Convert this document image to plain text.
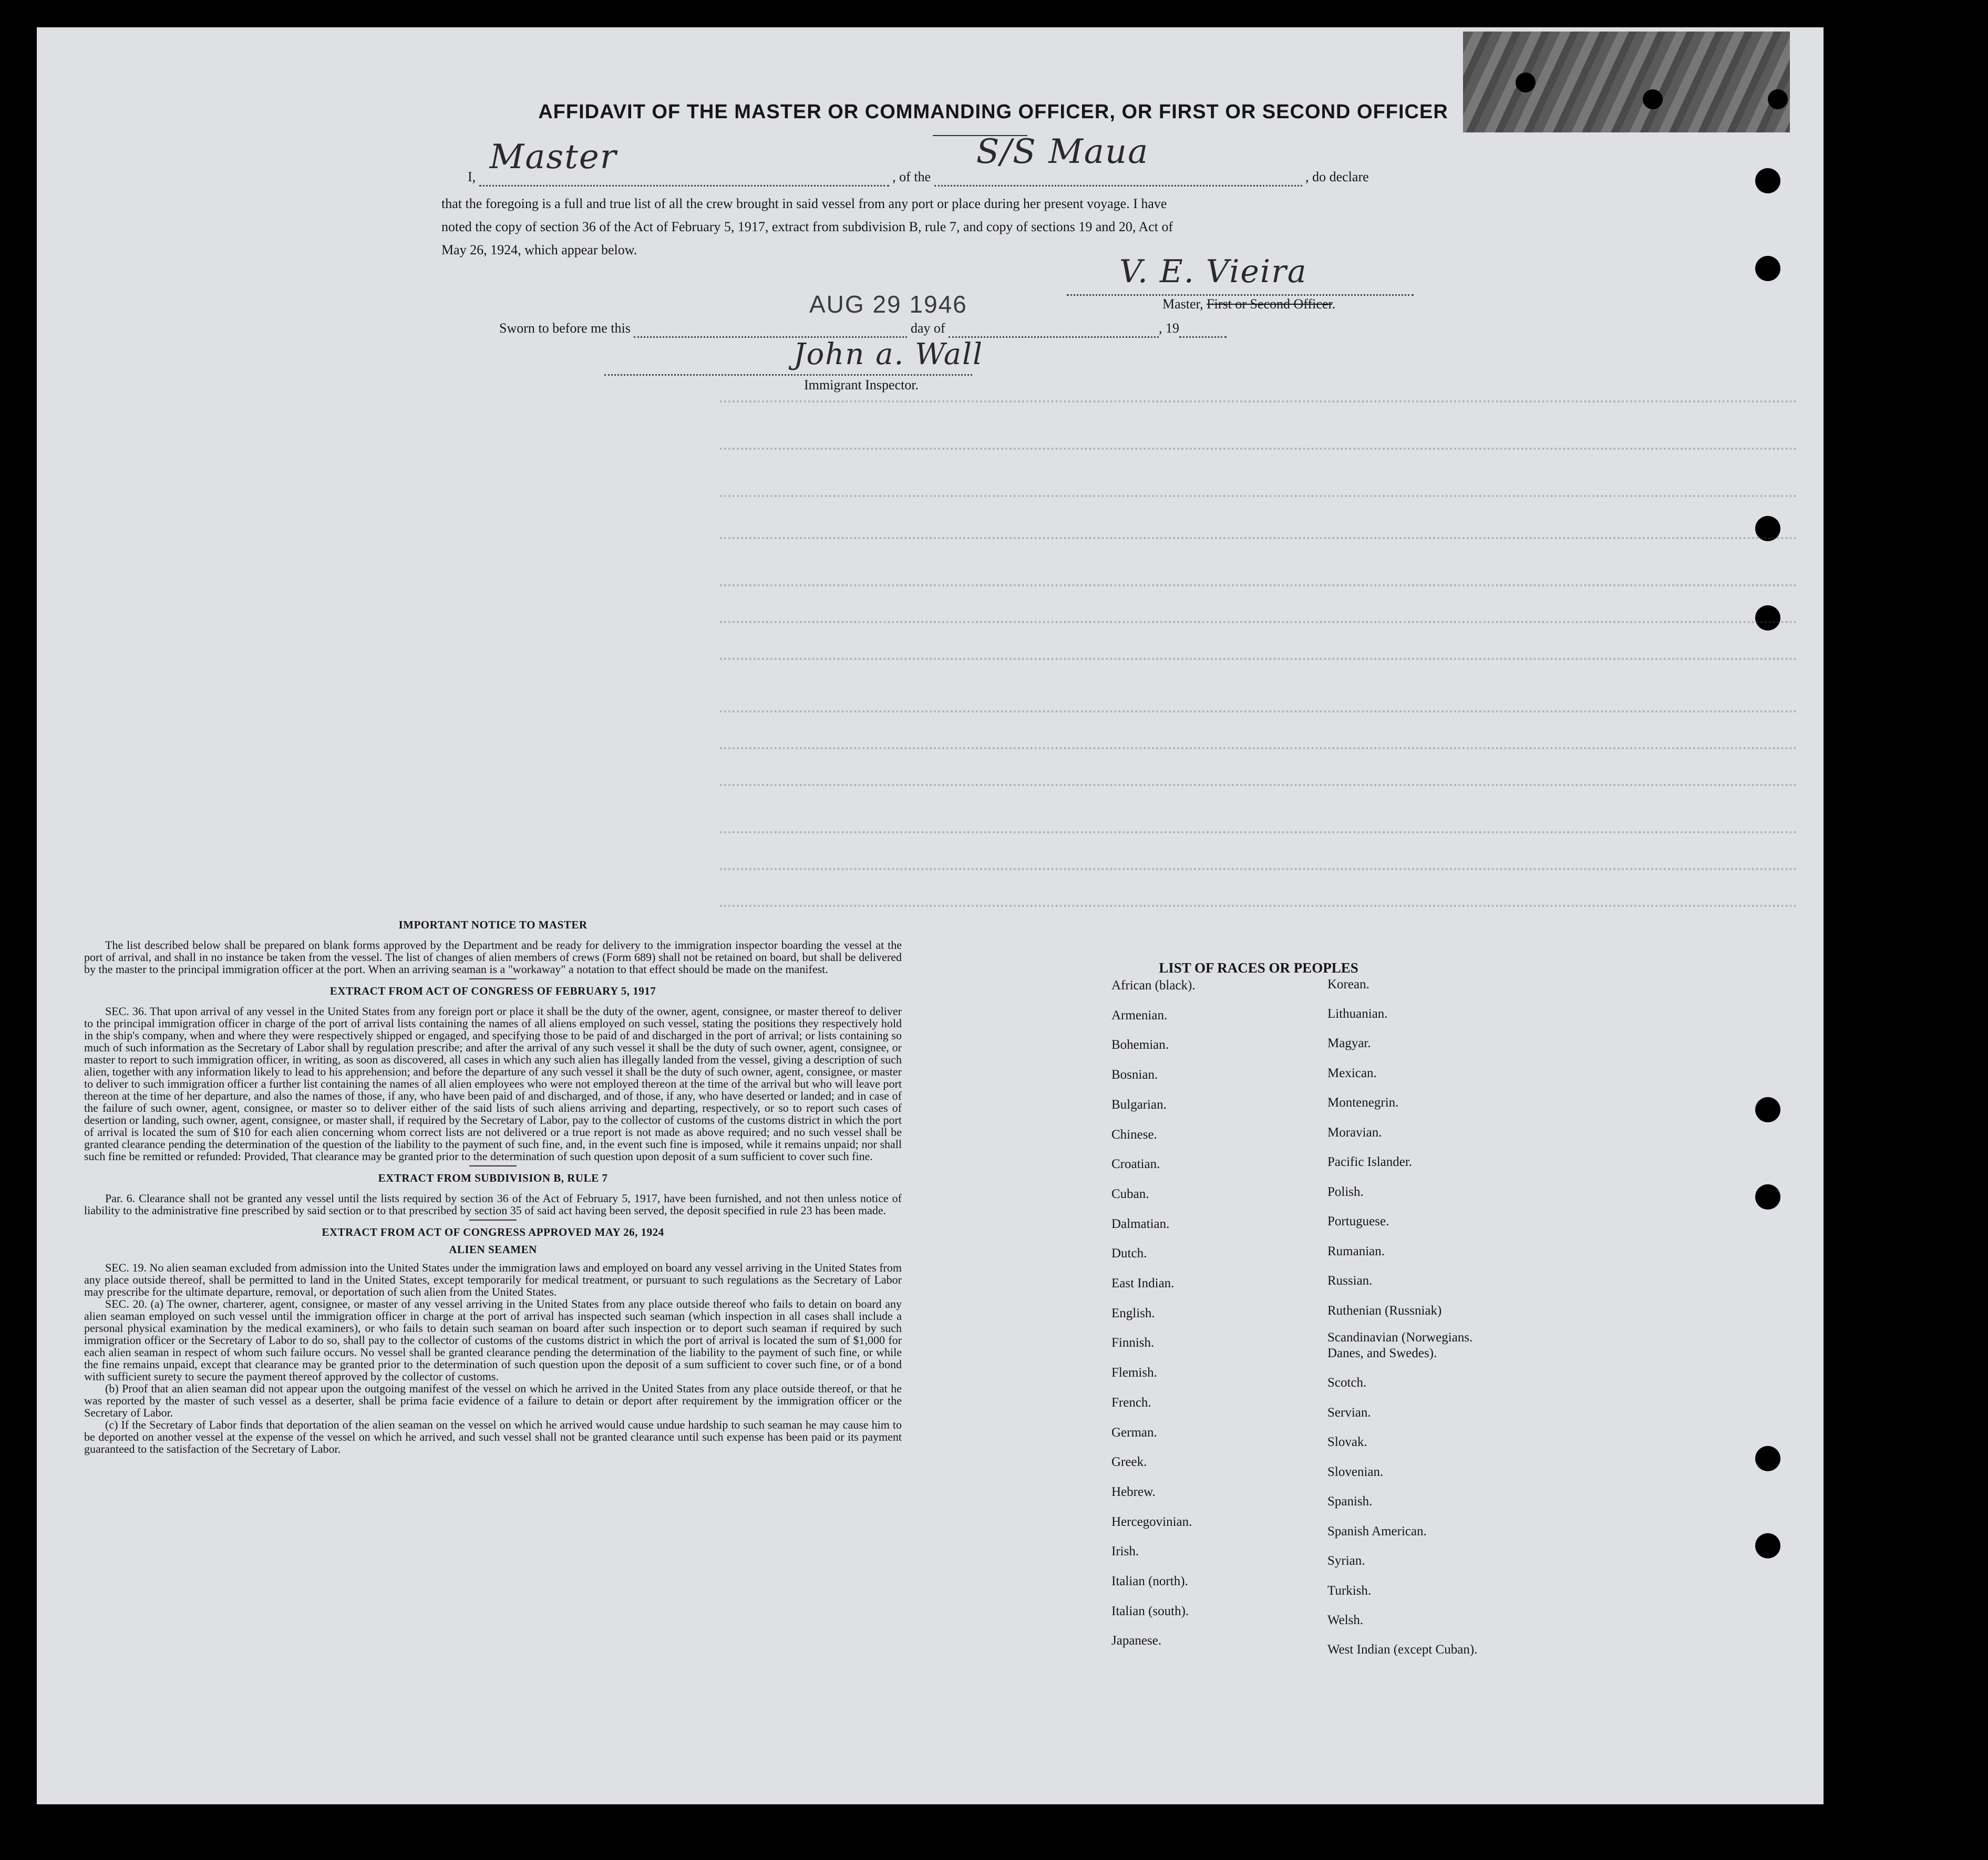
AFFIDAVIT OF THE MASTER OR COMMANDING OFFICER, OR FIRST OR SECOND OFFICER
I,
Master
, of the
S/S Maua
, do declare
that the foregoing is a full and true list of all the crew brought in said vessel from any port or place during her present voyage. I have
noted the copy of section 36 of the Act of February 5, 1917, extract from subdivision B, rule 7, and copy of sections 19 and 20, Act of
May 26, 1924, which appear below.
V. E. Vieira
Master, First or Second Officer.
AUG 29 1946
Sworn to before me this	day of	, 19
John a. Wall
Immigrant Inspector.
IMPORTANT NOTICE TO MASTER

The list described below shall be prepared on blank forms approved by the Department and be ready for delivery to the immigration inspector boarding the vessel at the port of arrival, and shall in no instance be taken from the vessel. The list of changes of alien members of crews (Form 689) shall not be retained on board, but shall be delivered by the master to the principal immigration officer at the port. When an arriving seaman is a "workaway" a notation to that effect should be made on the manifest.

EXTRACT FROM ACT OF CONGRESS OF FEBRUARY 5, 1917

SEC. 36. That upon arrival of any vessel in the United States from any foreign port or place it shall be the duty of the owner, agent, consignee, or master thereof to deliver to the principal immigration officer in charge of the port of arrival lists containing the names of all aliens employed on such vessel, stating the positions they respectively hold in the ship's company, when and where they were respectively shipped or engaged, and specifying those to be paid of and discharged in the port of arrival; or lists containing so much of such information as the Secretary of Labor shall by regulation prescribe; and after the arrival of any such vessel it shall be the duty of such owner, agent, consignee, or master to report to such immigration officer, in writing, as soon as discovered, all cases in which any such alien has illegally landed from the vessel, giving a description of such alien, together with any information likely to lead to his apprehension; and before the departure of any such vessel it shall be the duty of such owner, agent, consignee, or master to deliver to such immigration officer a further list containing the names of all alien employees who were not employed thereon at the time of the arrival but who will leave port thereon at the time of her departure, and also the names of those, if any, who have been paid of and discharged, and of those, if any, who have deserted or landed; and in case of the failure of such owner, agent, consignee, or master so to deliver either of the said lists of such aliens arriving and departing, respectively, or so to report such cases of desertion or landing, such owner, agent, consignee, or master shall, if required by the Secretary of Labor, pay to the collector of customs of the customs district in which the port of arrival is located the sum of $10 for each alien concerning whom correct lists are not delivered or a true report is not made as above required; and no such vessel shall be granted clearance pending the determination of the question of the liability to the payment of such fine, and, in the event such fine is imposed, while it remains unpaid; nor shall such fine be remitted or refunded: Provided, That clearance may be granted prior to the determination of such question upon deposit of a sum sufficient to cover such fine.

EXTRACT FROM SUBDIVISION B, RULE 7

Par. 6. Clearance shall not be granted any vessel until the lists required by section 36 of the Act of February 5, 1917, have been furnished, and not then unless notice of liability to the administrative fine prescribed by said section or to that prescribed by section 35 of said act having been served, the deposit specified in rule 23 has been made.

EXTRACT FROM ACT OF CONGRESS APPROVED MAY 26, 1924
ALIEN SEAMEN

SEC. 19. No alien seaman excluded from admission into the United States under the immigration laws and employed on board any vessel arriving in the United States from any place outside thereof, shall be permitted to land in the United States, except temporarily for medical treatment, or pursuant to such regulations as the Secretary of Labor may prescribe for the ultimate departure, removal, or deportation of such alien from the United States.

SEC. 20. (a) The owner, charterer, agent, consignee, or master of any vessel arriving in the United States from any place outside thereof who fails to detain on board any alien seaman employed on such vessel until the immigration officer in charge at the port of arrival has inspected such seaman (which inspection in all cases shall include a personal physical examination by the medical examiners), or who fails to detain such seaman on board after such inspection or to deport such seaman if required by such immigration officer or the Secretary of Labor to do so, shall pay to the collector of customs of the customs district in which the port of arrival is located the sum of $1,000 for each alien seaman in respect of whom such failure occurs. No vessel shall be granted clearance pending the determination of the liability to the payment of such fine, or while the fine remains unpaid, except that clearance may be granted prior to the determination of such question upon the deposit of a sum sufficient to cover such fine, or of a bond with sufficient surety to secure the payment thereof approved by the collector of customs.

(b) Proof that an alien seaman did not appear upon the outgoing manifest of the vessel on which he arrived in the United States from any place outside thereof, or that he was reported by the master of such vessel as a deserter, shall be prima facie evidence of a failure to detain or deport after requirement by the immigration officer or the Secretary of Labor.

(c) If the Secretary of Labor finds that deportation of the alien seaman on the vessel on which he arrived would cause undue hardship to such seaman he may cause him to be deported on another vessel at the expense of the vessel on which he arrived, and such vessel shall not be granted clearance until such expense has been paid or its payment guaranteed to the satisfaction of the Secretary of Labor.

LIST OF RACES OR PEOPLES
African (black).
Armenian.
Bohemian.
Bosnian.
Bulgarian.
Chinese.
Croatian.
Cuban.
Dalmatian.
Dutch.
East Indian.
English.
Finnish.
Flemish.
French.
German.
Greek.
Hebrew.
Hercegovinian.
Irish.
Italian (north).
Italian (south).
Japanese.
Korean.
Lithuanian.
Magyar.
Mexican.
Montenegrin.
Moravian.
Pacific Islander.
Polish.
Portuguese.
Rumanian.
Russian.
Ruthenian (Russniak)
Scandinavian (Norwegians.
Danes, and Swedes).
Scotch.
Servian.
Slovak.
Slovenian.
Spanish.
Spanish American.
Syrian.
Turkish.
Welsh.
West Indian (except Cuban).
